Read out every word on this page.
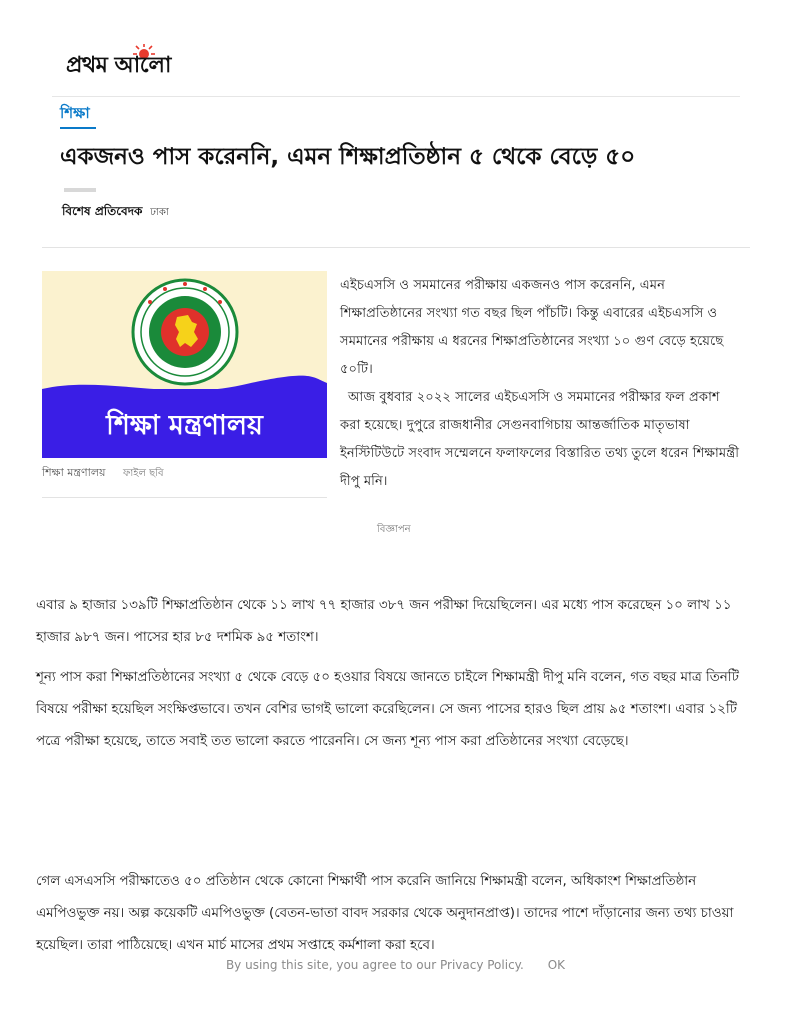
প্রথম আলো
শিক্ষা
একজনও পাস করেননি, এমন শিক্ষাপ্রতিষ্ঠান ৫ থেকে বেড়ে ৫০
বিশেষ প্রতিবেদক ঢাকা
শিক্ষা মন্ত্রণালয়
শিক্ষা মন্ত্রণালয় ফাইল ছবি

এইচএসসি ও সমমানের পরীক্ষায় একজনও পাস করেননি, এমন শিক্ষাপ্রতিষ্ঠানের সংখ্যা গত বছর ছিল পাঁচটি। কিন্তু এবারের এইচএসসি ও সমমানের পরীক্ষায় এ ধরনের শিক্ষাপ্রতিষ্ঠানের সংখ্যা ১০ গুণ বেড়ে হয়েছে ৫০টি।

আজ বুধবার ২০২২ সালের এইচএসসি ও সমমানের পরীক্ষার ফল প্রকাশ করা হয়েছে। দুপুরে রাজধানীর সেগুনবাগিচায় আন্তর্জাতিক মাতৃভাষা ইনস্টিটিউটে সংবাদ সম্মেলনে ফলাফলের বিস্তারিত তথ্য তুলে ধরেন শিক্ষামন্ত্রী দীপু মনি।

বিজ্ঞাপন

এবার ৯ হাজার ১৩৯টি শিক্ষাপ্রতিষ্ঠান থেকে ১১ লাখ ৭৭ হাজার ৩৮৭ জন পরীক্ষা দিয়েছিলেন। এর মধ্যে পাস করেছেন ১০ লাখ ১১ হাজার ৯৮৭ জন। পাসের হার ৮৫ দশমিক ৯৫ শতাংশ।

শূন্য পাস করা শিক্ষাপ্রতিষ্ঠানের সংখ্যা ৫ থেকে বেড়ে ৫০ হওয়ার বিষয়ে জানতে চাইলে শিক্ষামন্ত্রী দীপু মনি বলেন, গত বছর মাত্র তিনটি বিষয়ে পরীক্ষা হয়েছিল সংক্ষিপ্তভাবে। তখন বেশির ভাগই ভালো করেছিলেন। সে জন্য পাসের হারও ছিল প্রায় ৯৫ শতাংশ। এবার ১২টি পত্রে পরীক্ষা হয়েছে, তাতে সবাই তত ভালো করতে পারেননি। সে জন্য শূন্য পাস করা প্রতিষ্ঠানের সংখ্যা বেড়েছে।

গেল এসএসসি পরীক্ষাতেও ৫০ প্রতিষ্ঠান থেকে কোনো শিক্ষার্থী পাস করেনি জানিয়ে শিক্ষামন্ত্রী বলেন, অধিকাংশ শিক্ষাপ্রতিষ্ঠান এমপিওভুক্ত নয়। অল্প কয়েকটি এমপিওভুক্ত (বেতন-ভাতা বাবদ সরকার থেকে অনুদানপ্রাপ্ত)। তাদের পাশে দাঁড়ানোর জন্য তথ্য চাওয়া হয়েছিল। তারা পাঠিয়েছে। এখন মার্চ মাসের প্রথম সপ্তাহে কর্মশালা করা হবে।

By using this site, you agree to our Privacy Policy. OK
